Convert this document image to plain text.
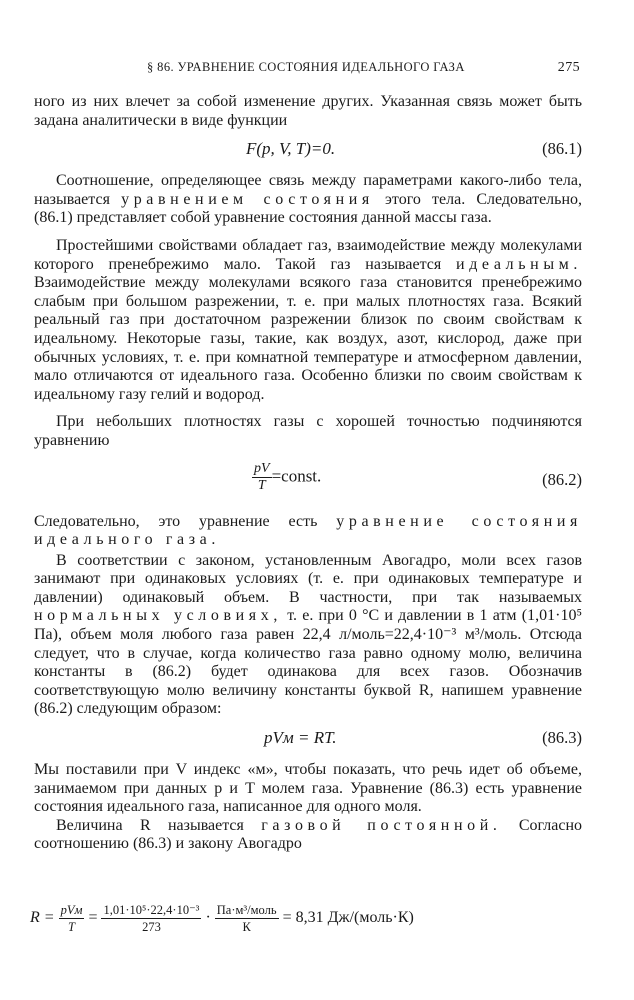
§ 86. УРАВНЕНИЕ СОСТОЯНИЯ ИДЕАЛЬНОГО ГАЗА	275

ного из них влечет за собой изменение других. Указанная связь может быть задана аналитически в виде функции

F(p, V, T)=0.	(86.1)

Соотношение, определяющее связь между параметрами какого-либо тела, называется уравнением состояния этого тела. Следовательно, (86.1) представляет собой уравнение состояния данной массы газа.

Простейшими свойствами обладает газ, взаимодействие между молекулами которого пренебрежимо мало. Такой газ называется идеальным. Взаимодействие между молекулами всякого газа становится пренебрежимо слабым при большом разрежении, т. е. при малых плотностях газа. Всякий реальный газ при достаточном разрежении близок по своим свойствам к идеальному. Некоторые газы, такие, как воздух, азот, кислород, даже при обычных условиях, т. е. при комнатной температуре и атмосферном давлении, мало отличаются от идеального газа. Особенно близки по своим свойствам к идеальному газу гелий и водород.

При небольших плотностях газы с хорошей точностью подчиняются уравнению

$\frac{pV}{T}$ =const.	(86.2)

Следовательно, это уравнение есть уравнение состояния идеального газа.

В соответствии с законом, установленным Авогадро, моли всех газов занимают при одинаковых условиях (т. е. при одинаковых температуре и давлении) одинаковый объем. В частности, при так называемых нормальных условиях, т. е. при 0 °С и давлении в 1 атм (1,01·10⁵ Па), объем моля любого газа равен 22,4 л/моль=22,4·10⁻³ м³/моль. Отсюда следует, что в случае, когда количество газа равно одному молю, величина константы в (86.2) будет одинакова для всех газов. Обозначив соответствующую молю величину константы буквой R, напишем уравнение (86.2) следующим образом:

pVм = RT.	(86.3)

Мы поставили при V индекс «м», чтобы показать, что речь идет об объеме, занимаемом при данных p и T молем газа. Уравнение (86.3) есть уравнение состояния идеального газа, написанное для одного моля.

Величина R называется газовой постоянной. Согласно соотношению (86.3) и закону Авогадро

$R = \frac{\text{pVм}}{T} = \frac{\text{1,01·10⁵·22,4·10⁻³}}{273} \cdot \frac{\text{Па·м³/моль}}{К} = 8,31$ Дж/(моль·К)
